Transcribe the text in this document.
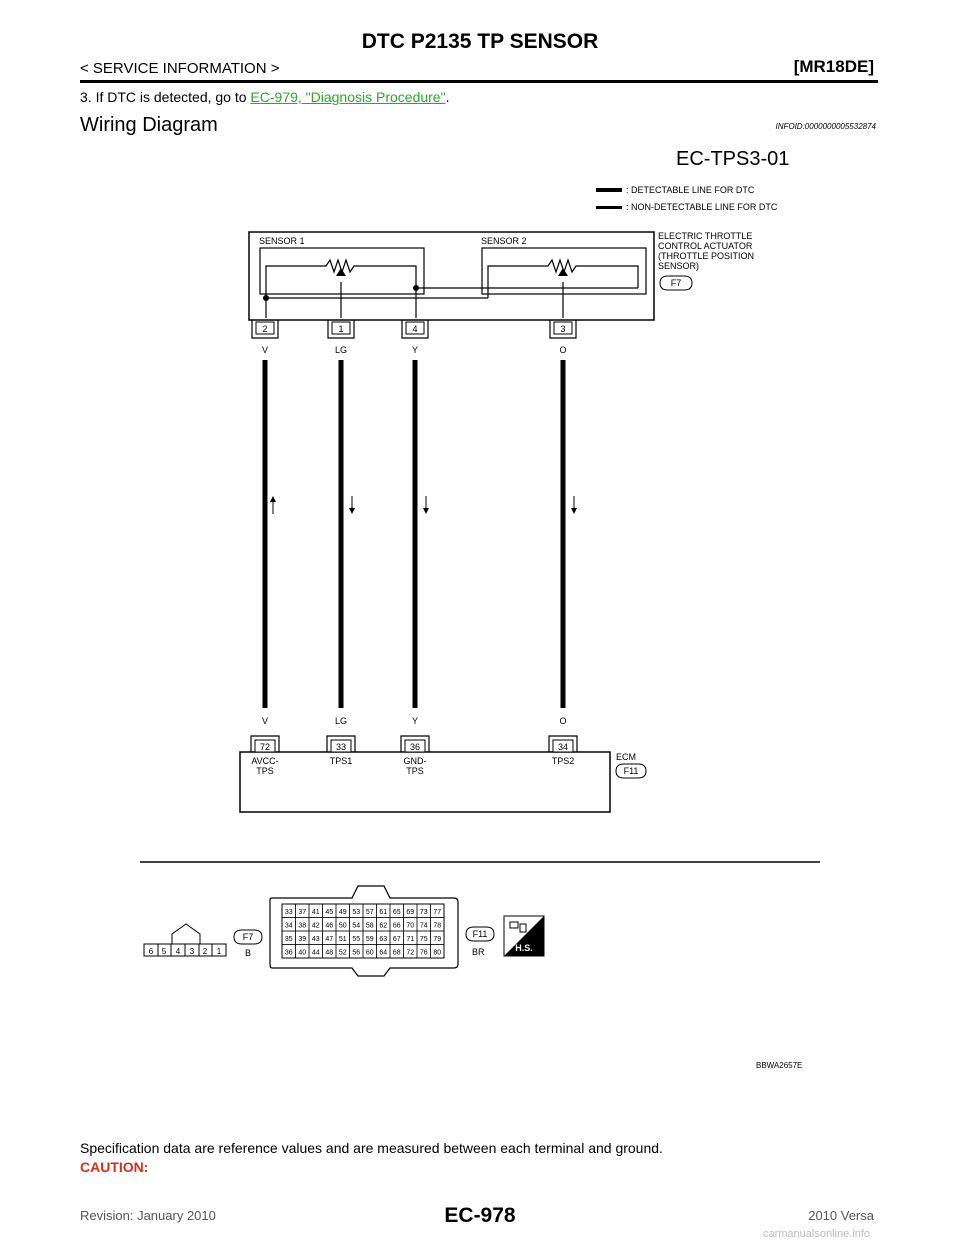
DTC P2135 TP SENSOR
< SERVICE INFORMATION >	[MR18DE]
3. If DTC is detected, go to EC-979, "Diagnosis Procedure".
Wiring Diagram	INFOID:0000000005532874
EC-TPS3-01
: DETECTABLE LINE FOR DTC
: NON-DETECTABLE LINE FOR DTC
SENSOR 1	SENSOR 2
F7
ELECTRIC THROTTLE
CONTROL ACTUATOR
(THROTTLE POSITION
SENSOR)
2	1	4	3
V	LG	Y	O
V	LG	Y	O
ECM
F11
72	33	36	34
AVCC-
TPS
TPS1	GND-
TPS
TPS2
6 5 4 3 2 1
F7
B
33 37 41 45 49 53 57 61 65 69 73 77
34 38 42 46 50 54 58 62 66 70 74 78
35 39 43 47 51 55 59 63 67 71 75 79
36 40 44 48 52 56 60 64 68 72 76 80
F11
BR	H.S.
BBWA2657E
Specification data are reference values and are measured between each terminal and ground.
CAUTION:
Revision: January 2010	EC-978	2010 Versa
carmanualsonline.info
